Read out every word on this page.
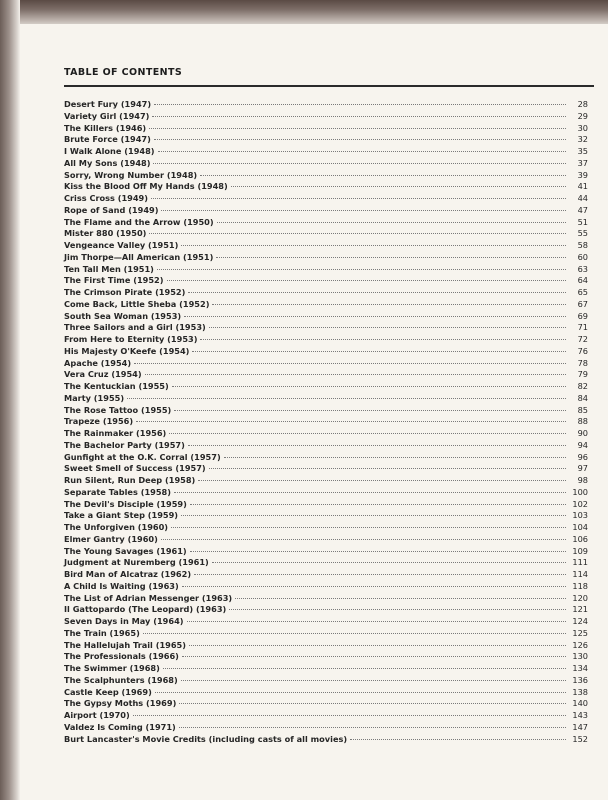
TABLE OF CONTENTS
Desert Fury (1947)	28
Variety Girl (1947)	29
The Killers (1946)	30
Brute Force (1947)	32
I Walk Alone (1948)	35
All My Sons (1948)	37
Sorry, Wrong Number (1948)	39
Kiss the Blood Off My Hands (1948)	41
Criss Cross (1949)	44
Rope of Sand (1949)	47
The Flame and the Arrow (1950)	51
Mister 880 (1950)	55
Vengeance Valley (1951)	58
Jim Thorpe—All American (1951)	60
Ten Tall Men (1951)	63
The First Time (1952)	64
The Crimson Pirate (1952)	65
Come Back, Little Sheba (1952)	67
South Sea Woman (1953)	69
Three Sailors and a Girl (1953)	71
From Here to Eternity (1953)	72
His Majesty O'Keefe (1954)	76
Apache (1954)	78
Vera Cruz (1954)	79
The Kentuckian (1955)	82
Marty (1955)	84
The Rose Tattoo (1955)	85
Trapeze (1956)	88
The Rainmaker (1956)	90
The Bachelor Party (1957)	94
Gunfight at the O.K. Corral (1957)	96
Sweet Smell of Success (1957)	97
Run Silent, Run Deep (1958)	98
Separate Tables (1958)	100
The Devil's Disciple (1959)	102
Take a Giant Step (1959)	103
The Unforgiven (1960)	104
Elmer Gantry (1960)	106
The Young Savages (1961)	109
Judgment at Nuremberg (1961)	111
Bird Man of Alcatraz (1962)	114
A Child Is Waiting (1963)	118
The List of Adrian Messenger (1963)	120
Il Gattopardo (The Leopard) (1963)	121
Seven Days in May (1964)	124
The Train (1965)	125
The Hallelujah Trail (1965)	126
The Professionals (1966)	130
The Swimmer (1968)	134
The Scalphunters (1968)	136
Castle Keep (1969)	138
The Gypsy Moths (1969)	140
Airport (1970)	143
Valdez Is Coming (1971)	147
Burt Lancaster's Movie Credits (including casts of all movies)	152
